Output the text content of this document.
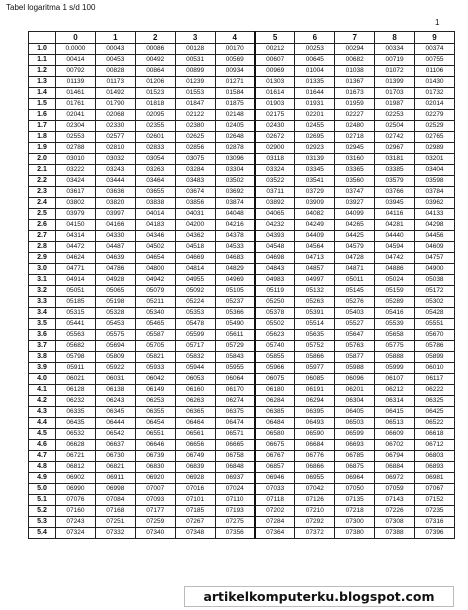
Tabel logaritma 1 s/d 100
1
	0	1	2	3	4	5	6	7	8	9
1.0	0.0000	00043	00086	00128	00170	00212	00253	00294	00334	00374
1.1	00414	00453	00492	00531	00569	00607	00645	00682	00719	00755
1.2	00792	00828	00864	00899	00934	00969	01004	01038	01072	01106
1.3	01139	01173	01206	01239	01271	01303	01335	01367	01399	01430
1.4	01461	01492	01523	01553	01584	01614	01644	01673	01703	01732
1.5	01761	01790	01818	01847	01875	01903	01931	01959	01987	02014
1.6	02041	02068	02095	02122	02148	02175	02201	02227	02253	02279
1.7	02304	02330	02355	02380	02405	02430	02455	02480	02504	02529
1.8	02553	02577	02601	02625	02648	02672	02695	02718	02742	02765
1.9	02788	02810	02833	02856	02878	02900	02923	02945	02967	02989
2.0	03010	03032	03054	03075	03096	03118	03139	03160	03181	03201
2.1	03222	03243	03263	03284	03304	03324	03345	03365	03385	03404
2.2	03424	03444	03464	03483	03502	03522	03541	03560	03579	03598
2.3	03617	03636	03655	03674	03692	03711	03729	03747	03766	03784
2.4	03802	03820	03838	03856	03874	03892	03909	03927	03945	03962
2.5	03979	03997	04014	04031	04048	04065	04082	04099	04116	04133
2.6	04150	04166	04183	04200	04216	04232	04249	04265	04281	04298
2.7	04314	04330	04346	04362	04378	04393	04409	04425	04440	04456
2.8	04472	04487	04502	04518	04533	04548	04564	04579	04594	04609
2.9	04624	04639	04654	04669	04683	04698	04713	04728	04742	04757
3.0	04771	04786	04800	04814	04829	04843	04857	04871	04886	04900
3.1	04914	04928	04942	04955	04969	04983	04997	05011	05024	05038
3.2	05051	05065	05079	05092	05105	05119	05132	05145	05159	05172
3.3	05185	05198	05211	05224	05237	05250	05263	05276	05289	05302
3.4	05315	05328	05340	05353	05366	05378	05391	05403	05416	05428
3.5	05441	05453	05465	05478	05490	05502	05514	05527	05539	05551
3.6	05563	05575	05587	05599	05611	05623	05635	05647	05658	05670
3.7	05682	05694	05705	05717	05729	05740	05752	05763	05775	05786
3.8	05798	05809	05821	05832	05843	05855	05866	05877	05888	05899
3.9	05911	05922	05933	05944	05955	05966	05977	05988	05999	06010
4.0	06021	06031	06042	06053	06064	06075	06085	06096	06107	06117
4.1	06128	06138	06149	06160	06170	06180	06191	06201	06212	06222
4.2	06232	06243	06253	06263	06274	06284	06294	06304	06314	06325
4.3	06335	06345	06355	06365	06375	06385	06395	06405	06415	06425
4.4	06435	06444	06454	06464	06474	06484	06493	06503	06513	06522
4.5	06532	06542	06551	06561	06571	06580	06590	06599	06609	06618
4.6	06628	06637	06646	06656	06665	06675	06684	06693	06702	06712
4.7	06721	06730	06739	06749	06758	06767	06776	06785	06794	06803
4.8	06812	06821	06830	06839	06848	06857	06866	06875	06884	06893
4.9	06902	06911	06920	06928	06937	06946	06955	06964	06972	06981
5.0	06990	06998	07007	07016	07024	07033	07042	07050	07059	07067
5.1	07076	07084	07093	07101	07110	07118	07126	07135	07143	07152
5.2	07160	07168	07177	07185	07193	07202	07210	07218	07226	07235
5.3	07243	07251	07259	07267	07275	07284	07292	07300	07308	07316
5.4	07324	07332	07340	07348	07356	07364	07372	07380	07388	07396
artikelkomputerku.blogspot.com
